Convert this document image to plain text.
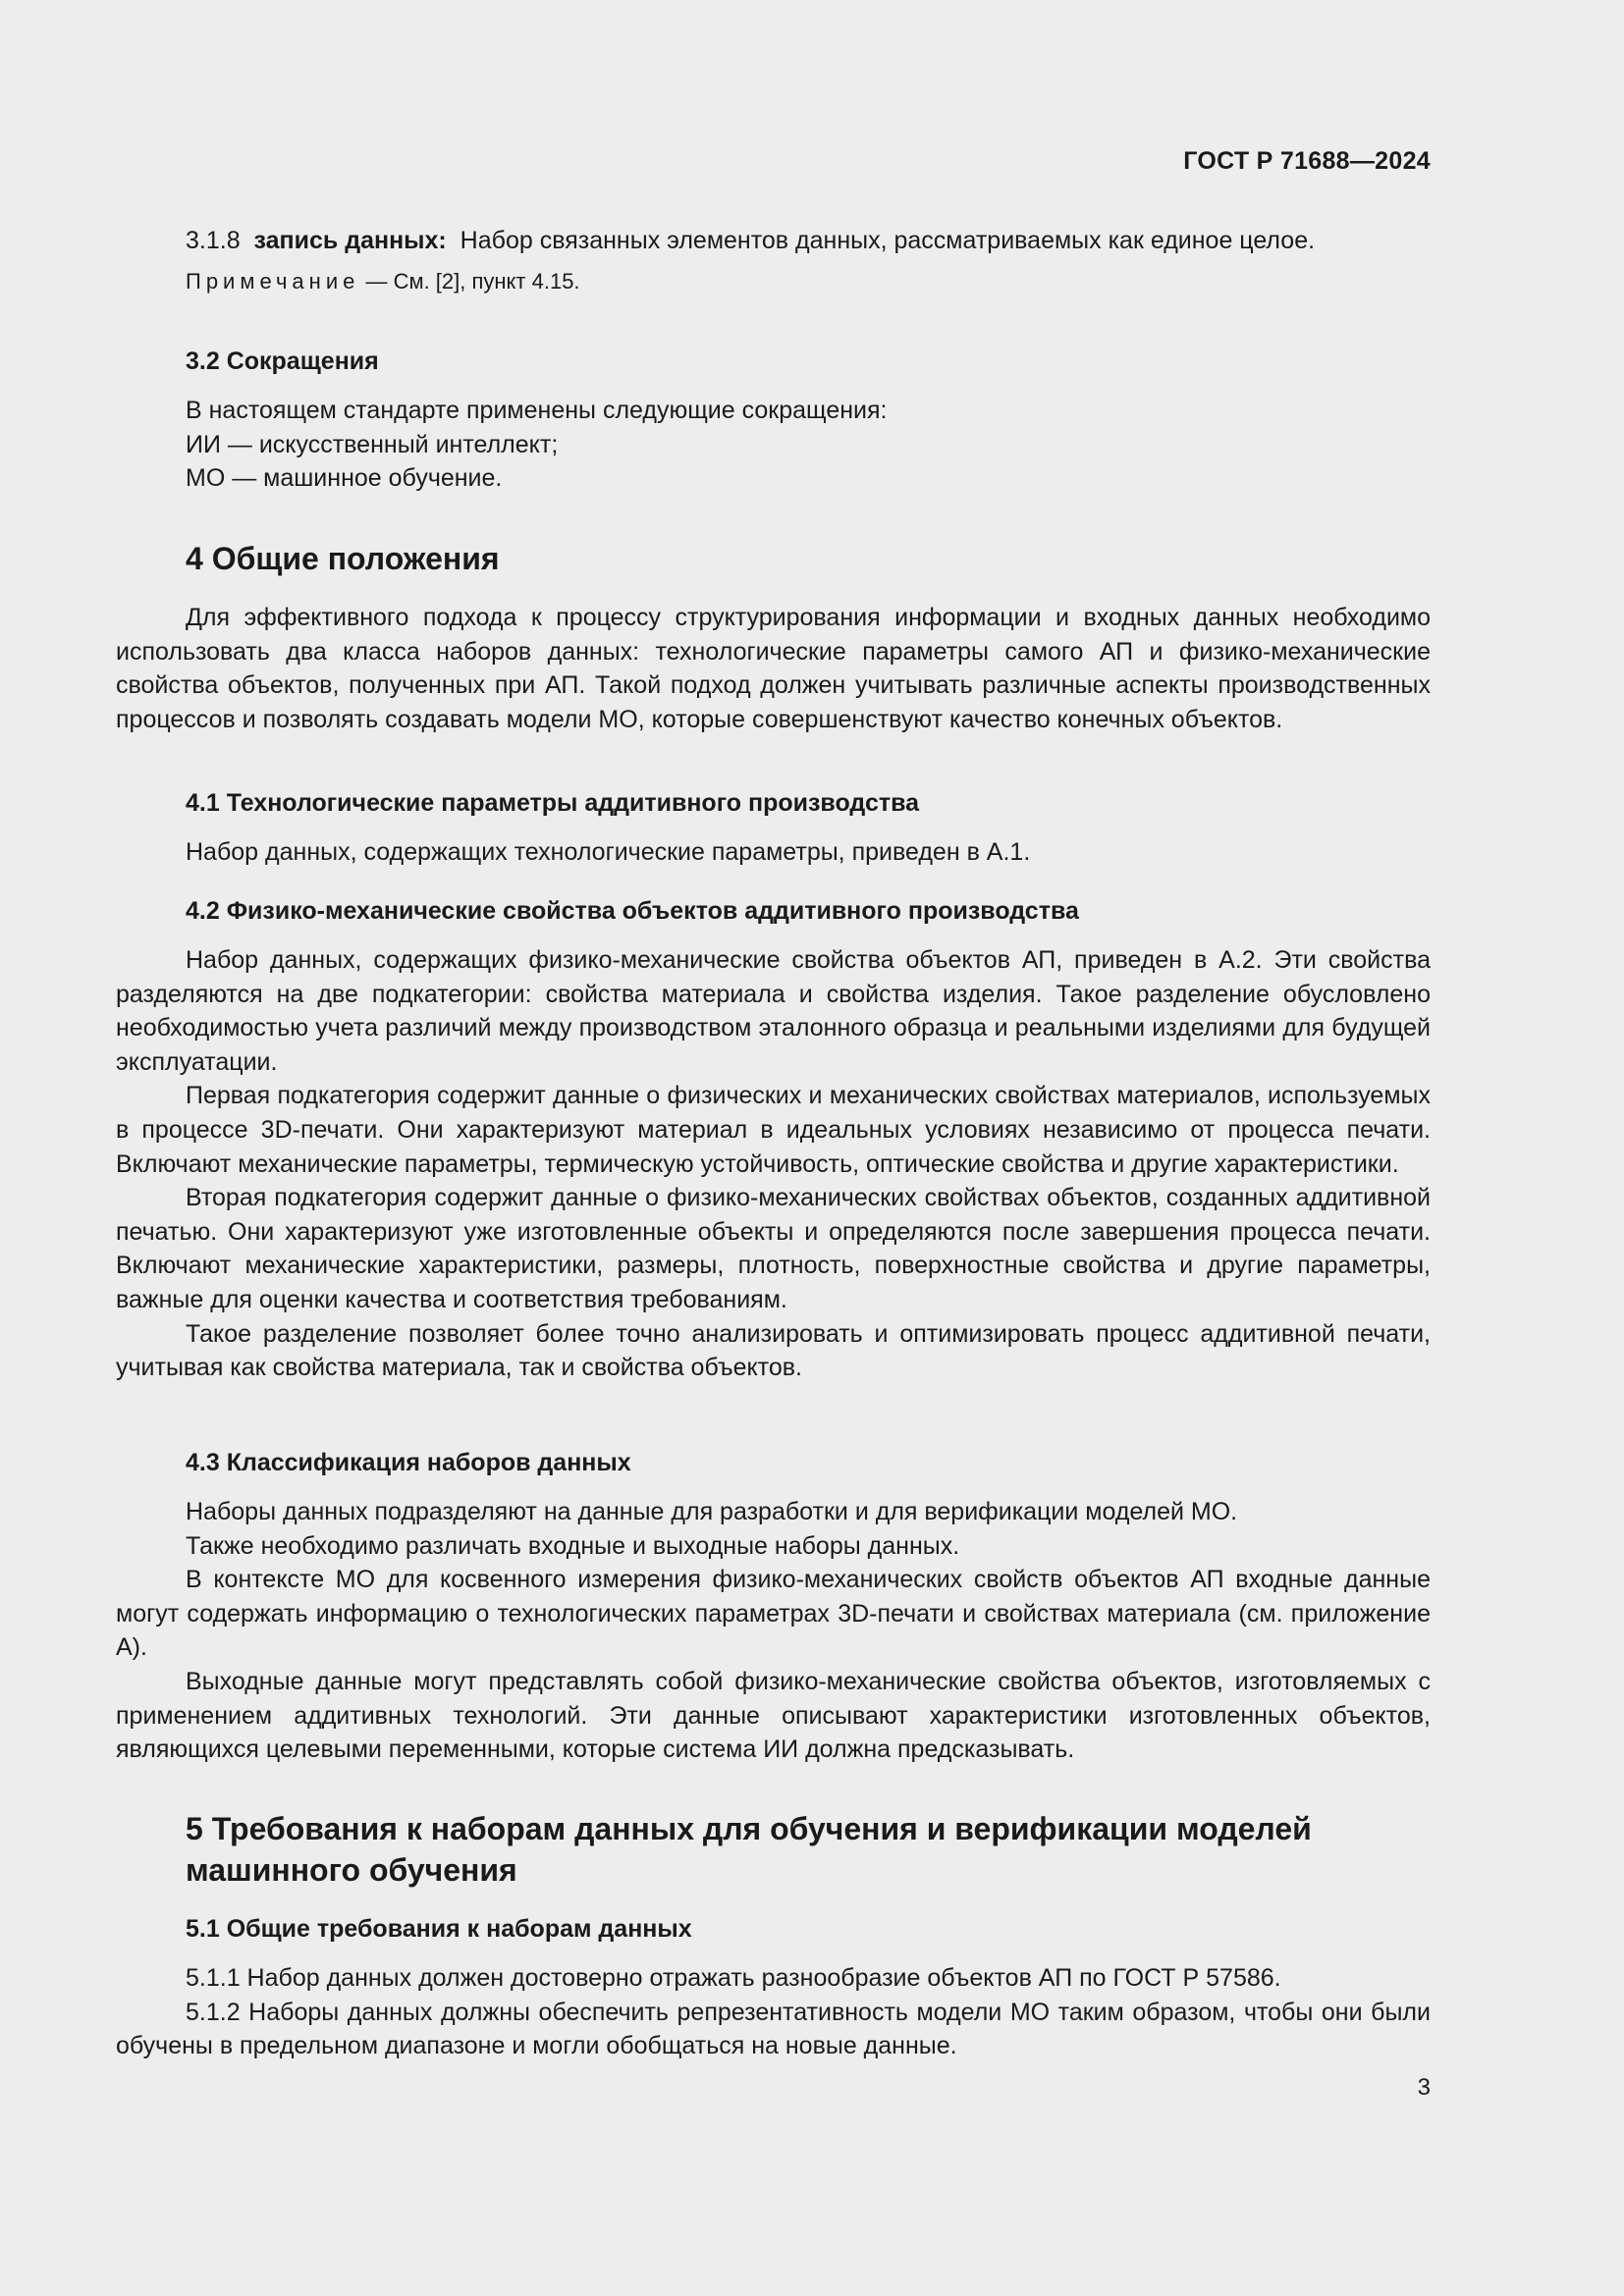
ГОСТ Р 71688—2024

3.1.8 запись данных: Набор связанных элементов данных, рассматриваемых как единое целое.

Примечание — См. [2], пункт 4.15.

3.2 Сокращения

В настоящем стандарте применены следующие сокращения:

ИИ — искусственный интеллект;

МО — машинное обучение.

4 Общие положения

Для эффективного подхода к процессу структурирования информации и входных данных необходимо использовать два класса наборов данных: технологические параметры самого АП и физико-механические свойства объектов, полученных при АП. Такой подход должен учитывать различные аспекты производственных процессов и позволять создавать модели МО, которые совершенствуют качество конечных объектов.

4.1 Технологические параметры аддитивного производства

Набор данных, содержащих технологические параметры, приведен в А.1.

4.2 Физико-механические свойства объектов аддитивного производства

Набор данных, содержащих физико-механические свойства объектов АП, приведен в А.2. Эти свойства разделяются на две подкатегории: свойства материала и свойства изделия. Такое разделение обусловлено необходимостью учета различий между производством эталонного образца и реальными изделиями для будущей эксплуатации.

Первая подкатегория содержит данные о физических и механических свойствах материалов, используемых в процессе 3D-печати. Они характеризуют материал в идеальных условиях независимо от процесса печати. Включают механические параметры, термическую устойчивость, оптические свойства и другие характеристики.

Вторая подкатегория содержит данные о физико-механических свойствах объектов, созданных аддитивной печатью. Они характеризуют уже изготовленные объекты и определяются после завершения процесса печати. Включают механические характеристики, размеры, плотность, поверхностные свойства и другие параметры, важные для оценки качества и соответствия требованиям.

Такое разделение позволяет более точно анализировать и оптимизировать процесс аддитивной печати, учитывая как свойства материала, так и свойства объектов.

4.3 Классификация наборов данных

Наборы данных подразделяют на данные для разработки и для верификации моделей МО.

Также необходимо различать входные и выходные наборы данных.

В контексте МО для косвенного измерения физико-механических свойств объектов АП входные данные могут содержать информацию о технологических параметрах 3D-печати и свойствах материала (см. приложение А).

Выходные данные могут представлять собой физико-механические свойства объектов, изготовляемых с применением аддитивных технологий. Эти данные описывают характеристики изготовленных объектов, являющихся целевыми переменными, которые система ИИ должна предсказывать.

5 Требования к наборам данных для обучения и верификации моделей
машинного обучения

5.1 Общие требования к наборам данных

5.1.1 Набор данных должен достоверно отражать разнообразие объектов АП по ГОСТ Р 57586.

5.1.2 Наборы данных должны обеспечить репрезентативность модели МО таким образом, чтобы они были обучены в предельном диапазоне и могли обобщаться на новые данные.

3
